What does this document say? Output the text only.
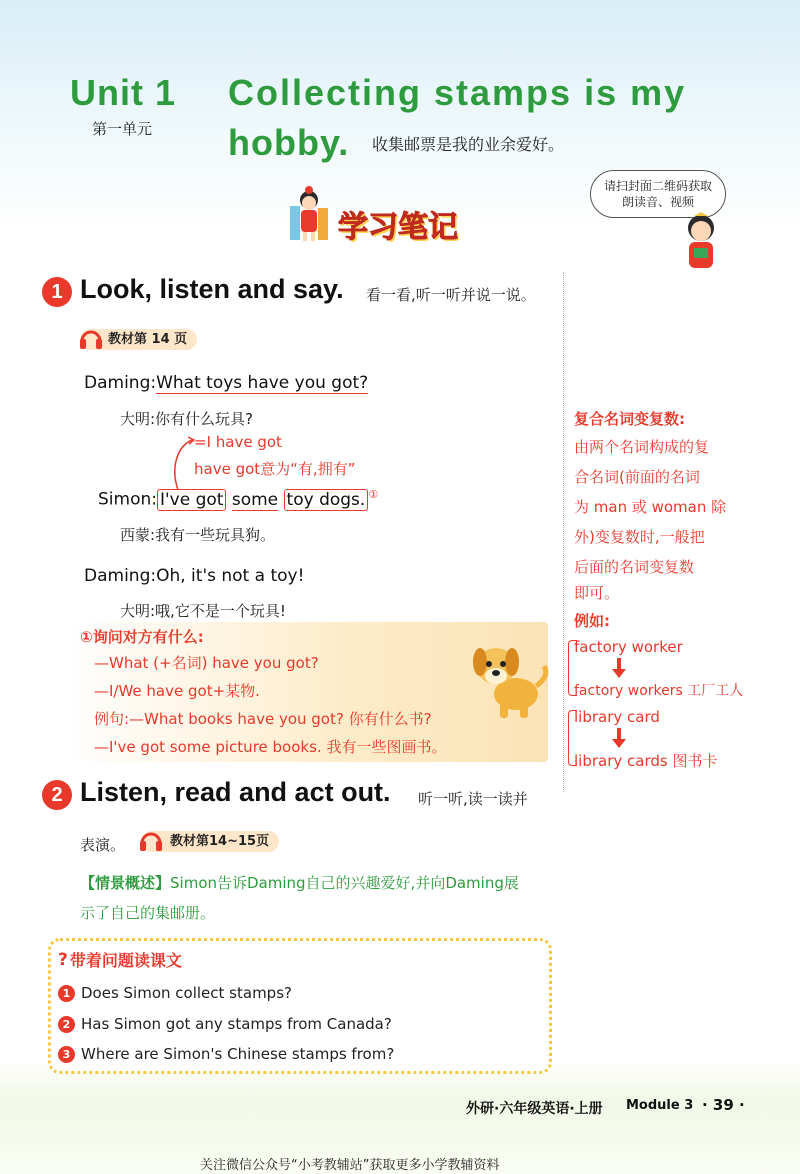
Unit 1
第一单元
Collecting stamps is my
hobby. 收集邮票是我的业余爱好。
学习笔记
请扫封面二维码获取朗读音、视频
1 Look, listen and say. 看一看,听一听并说一说。
教材第 14 页
Daming:What toys have you got?
大明:你有什么玩具?
=I have got
have got意为“有,拥有”
Simon: I've got some toy dogs. ①
西蒙:我有一些玩具狗。
Daming:Oh, it's not a toy!
大明:哦,它不是一个玩具!
①询问对方有什么:
—What (+名词) have you got?
—I/We have got+某物.
例句:—What books have you got? 你有什么书?
—I've got some picture books. 我有一些图画书。
复合名词变复数:
由两个名词构成的复
合名词(前面的名词
为 man 或 woman 除
外)变复数时,一般把
后面的名词变复数
即可。
例如:
factory worker
factory workers 工厂工人
library card
library cards 图书卡
2 Listen, read and act out. 听一听,读一读并
表演。	教材第14~15页
【情景概述】Simon告诉Daming自己的兴趣爱好,并向Daming展
示了自己的集邮册。
? 带着问题读课文
1 Does Simon collect stamps?
2 Has Simon got any stamps from Canada?
3 Where are Simon's Chinese stamps from?
外研·六年级英语·上册 Module 3 · 39 ·
关注微信公众号“小考教辅站”获取更多小学教辅资料
